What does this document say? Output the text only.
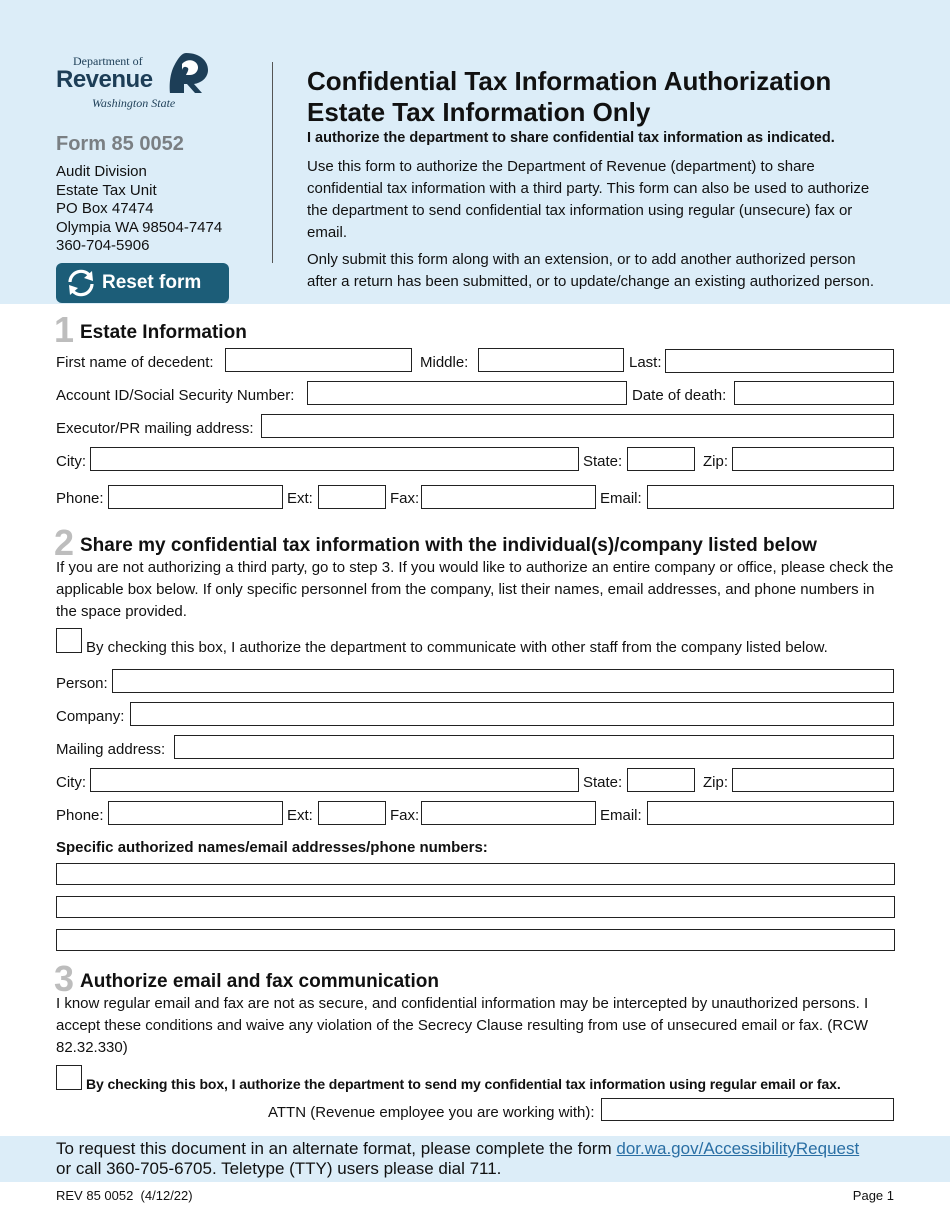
Department of
Revenue
Washington State
Form 85 0052
Audit Division
Estate Tax Unit
PO Box 47474
Olympia WA 98504-7474
360-704-5906
Reset form
Confidential Tax Information Authorization
Estate Tax Information Only
I authorize the department to share confidential tax information as indicated.
Use this form to authorize the Department of Revenue (department) to share confidential tax information with a third party. This form can also be used to authorize the department to send confidential tax information using regular (unsecure) fax or email.
Only submit this form along with an extension, or to add another authorized person after a return has been submitted, or to update/change an existing authorized person.
1 Estate Information
First name of decedent:	Middle:	Last:
Account ID/Social Security Number:	Date of death:
Executor/PR mailing address:
City:	State:	Zip:
Phone:	Ext:	Fax:	Email:
2 Share my confidential tax information with the individual(s)/company listed below
If you are not authorizing a third party, go to step 3. If you would like to authorize an entire company or office, please check the applicable box below. If only specific personnel from the company, list their names, email addresses, and phone numbers in the space provided.
By checking this box, I authorize the department to communicate with other staff from the company listed below.
Person:
Company:
Mailing address:
City:	State:	Zip:
Phone:	Ext:	Fax:	Email:
Specific authorized names/email addresses/phone numbers:
3 Authorize email and fax communication
I know regular email and fax are not as secure, and confidential information may be intercepted by unauthorized persons. I accept these conditions and waive any violation of the Secrecy Clause resulting from use of unsecured email or fax. (RCW 82.32.330)
By checking this box, I authorize the department to send my confidential tax information using regular email or fax.
ATTN (Revenue employee you are working with):
To request this document in an alternate format, please complete the form dor.wa.gov/AccessibilityRequest
or call 360-705-6705. Teletype (TTY) users please dial 711.
REV 85 0052  (4/12/22)	Page 1
